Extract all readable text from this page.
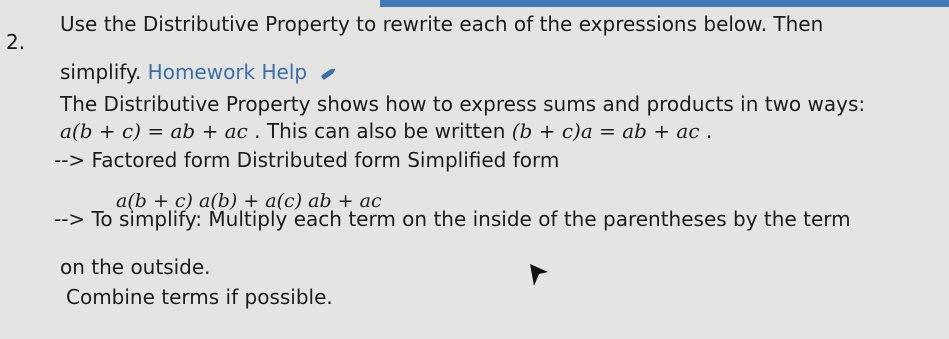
2.
Use the Distributive Property to rewrite each of the expressions below. Then
simplify. Homework Help
The Distributive Property shows how to express sums and products in two ways:
a(b + c) = ab + ac . This can also be written (b + c)a = ab + ac .
--> Factored form Distributed form Simplified form
a(b + c) a(b) + a(c) ab + ac
--> To simplify: Multiply each term on the inside of the parentheses by the term
on the outside.
Combine terms if possible.
